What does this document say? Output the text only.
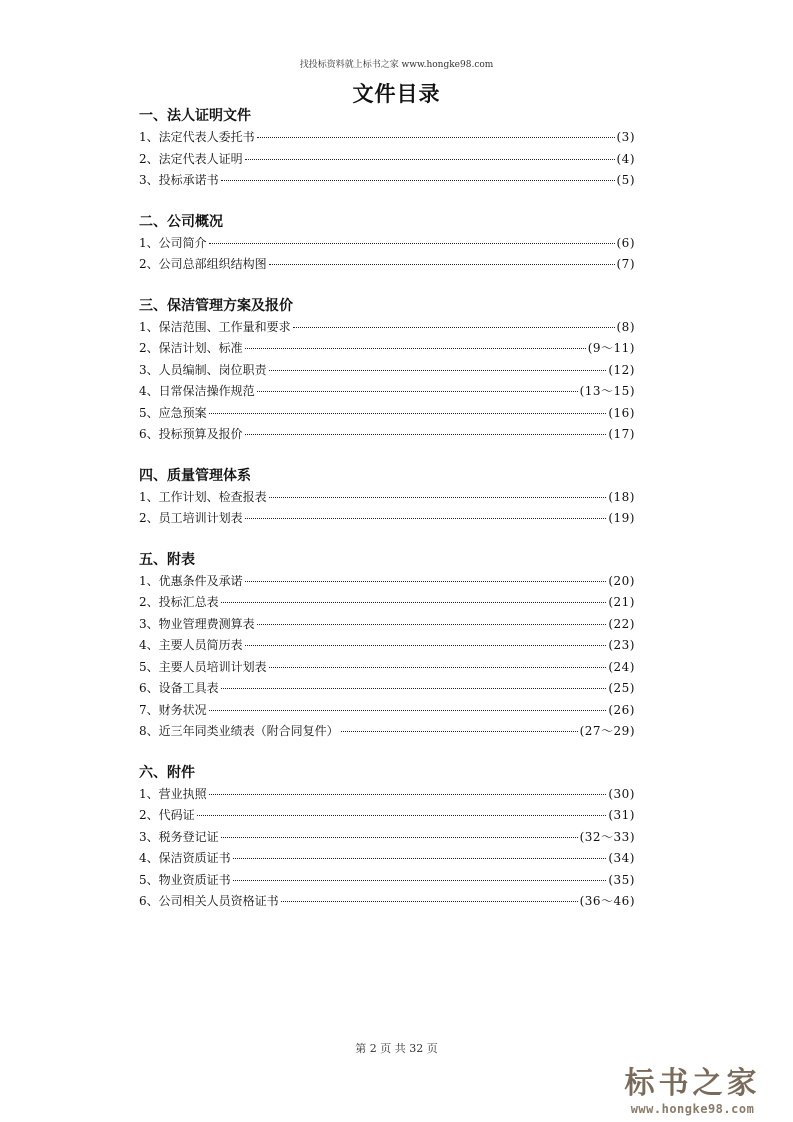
找投标资料就上标书之家 www.hongke98.com
文件目录
一、法人证明文件
1、法定代表人委托书	(3)
2、法定代表人证明	(4)
3、投标承诺书	(5)
二、公司概况
1、公司简介	(6)
2、公司总部组织结构图	(7)
三、保洁管理方案及报价
1、保洁范围、工作量和要求	(8)
2、保洁计划、标准	(9～11)
3、人员编制、岗位职责	(12)
4、日常保洁操作规范	(13～15)
5、应急预案	(16)
6、投标预算及报价	(17)
四、质量管理体系
1、工作计划、检查报表	(18)
2、员工培训计划表	(19)
五、附表
1、优惠条件及承诺	(20)
2、投标汇总表	(21)
3、物业管理费测算表	(22)
4、主要人员简历表	(23)
5、主要人员培训计划表	(24)
6、设备工具表	(25)
7、财务状况	(26)
8、近三年同类业绩表（附合同复件）	(27～29)
六、附件
1、营业执照	(30)
2、代码证	(31)
3、税务登记证	(32～33)
4、保洁资质证书	(34)
5、物业资质证书	(35)
6、公司相关人员资格证书	(36～46)
第 2 页 共 32 页
标书之家
www.hongke98.com
